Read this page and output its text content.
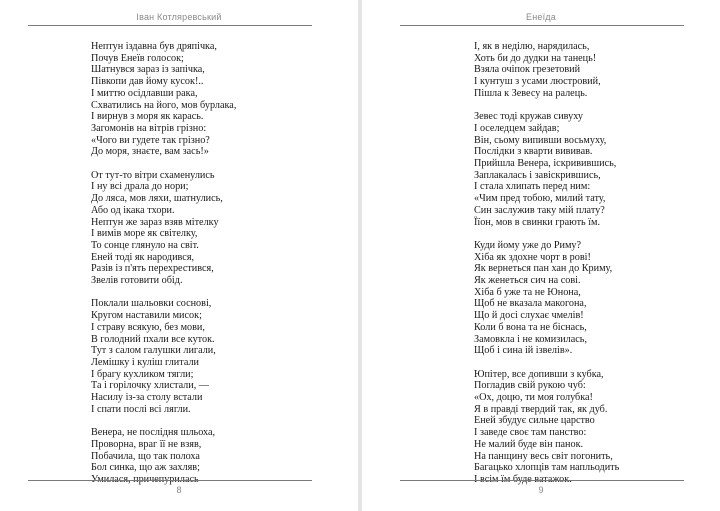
Іван Котляревський
Нептун іздавна був дряпічка,
Почув Енеїв голосок;
Шатнувся зараз із запічка,
Півкопи дав йому кусок!..
І миттю осідлавши рака,
Схватились на його, мов бурлака,
І вирнув з моря як карась.
Загомонів на вітрів грізно:
«Чого ви гудете так грізно?
До моря, знаєте, вам зась!»
От тут-то вітри схаменулись
І ну всі драла до нори;
До ляса, мов ляхи, шатнулись,
Або од ікака тхори.
Нептун же зараз взяв мітелку
І вимів море як світелку,
То сонце глянуло на світ.
Еней тоді як народився,
Разів із п'ять перехрестився,
Звелів готовити обід.
Поклали шальовки соснові,
Кругом наставили мисок;
І страву всякую, без мови,
В голодний пхали все куток.
Тут з салом галушки лигали,
Лемішку і куліш глитали
І брагу кухликом тягли;
Та і горілочку хлистали, —
Насилу із-за столу встали
І спати послі всі лягли.
Венера, не послідня шльоха,
Проворна, враг її не взяв,
Побачила, що так полоха
Бол синка, що аж захляв;
Умилася, причепурилась
8
Енеїда
І, як в неділю, нарядилась,
Хоть би до дудки на танець!
Взяла очіпок грезетовий
І кунтуш з усами люстровий,
Пішла к Зевесу на ралець.
Зевес тоді кружав сивуху
І оселедцем зайдав;
Він, сьому випивши восьмуху,
Послідки з кварти вививав.
Прийшла Венера, іскривившись,
Заплакалась і завіскрившись,
І стала хлипать перед ним:
«Чим пред тобою, милий тату,
Син заслужив таку мій плату?
Їїон, мов в свинки грають їм.
Куди йому уже до Риму?
Хіба як здохне чорт в рові!
Як вернеться пан хан до Криму,
Як женеться сич на сові.
Хіба б уже та не Юнона,
Щоб не вказала макогона,
Що й досі слухає чмелів!
Коли б вона та не біснась,
Замовкла і не комизилась,
Щоб і сина ій ізвелів».
Юпітер, все допивши з кубка,
Погладив свій рукою чуб:
«Ох, доцю, ти моя голубка!
Я в правді твердий так, як дуб.
Еней збудує сильне царство
І заведе своє там панство:
Не малий буде він панок.
На панщину весь світ погонить,
Багацько хлопців там напльодить
І всім їм буде ватажок.
9
